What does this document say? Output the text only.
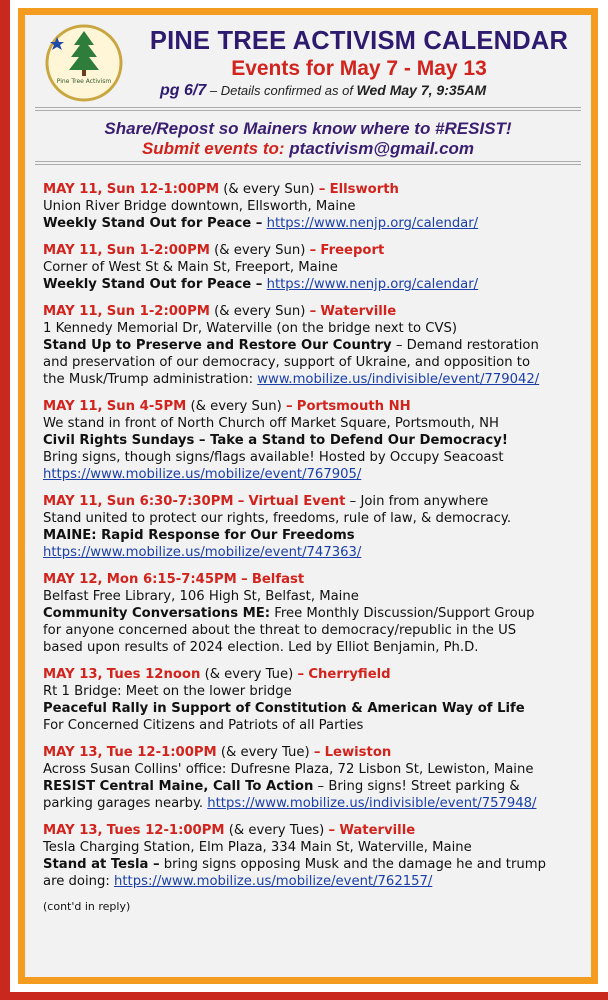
Pine Tree Activism
PINE TREE ACTIVISM CALENDAR
Events for May 7 - May 13
pg 6/7 – Details confirmed as of Wed May 7, 9:35AM
Share/Repost so Mainers know where to #RESIST!
Submit events to: ptactivism@gmail.com
MAY 11, Sun 12-1:00PM (& every Sun) – Ellsworth
Union River Bridge downtown, Ellsworth, Maine
Weekly Stand Out for Peace – https://www.nenjp.org/calendar/
MAY 11, Sun 1-2:00PM (& every Sun) – Freeport
Corner of West St & Main St, Freeport, Maine
Weekly Stand Out for Peace – https://www.nenjp.org/calendar/
MAY 11, Sun 1-2:00PM (& every Sun) – Waterville
1 Kennedy Memorial Dr, Waterville (on the bridge next to CVS)
Stand Up to Preserve and Restore Our Country – Demand restoration
and preservation of our democracy, support of Ukraine, and opposition to
the Musk/Trump administration: www.mobilize.us/indivisible/event/779042/
MAY 11, Sun 4-5PM (& every Sun) – Portsmouth NH
We stand in front of North Church off Market Square, Portsmouth, NH
Civil Rights Sundays – Take a Stand to Defend Our Democracy!
Bring signs, though signs/flags available! Hosted by Occupy Seacoast
https://www.mobilize.us/mobilize/event/767905/
MAY 11, Sun 6:30-7:30PM – Virtual Event – Join from anywhere
Stand united to protect our rights, freedoms, rule of law, & democracy.
MAINE: Rapid Response for Our Freedoms
https://www.mobilize.us/mobilize/event/747363/
MAY 12, Mon 6:15-7:45PM – Belfast
Belfast Free Library, 106 High St, Belfast, Maine
Community Conversations ME: Free Monthly Discussion/Support Group
for anyone concerned about the threat to democracy/republic in the US
based upon results of 2024 election. Led by Elliot Benjamin, Ph.D.
MAY 13, Tues 12noon (& every Tue) – Cherryfield
Rt 1 Bridge: Meet on the lower bridge
Peaceful Rally in Support of Constitution & American Way of Life
For Concerned Citizens and Patriots of all Parties
MAY 13, Tue 12-1:00PM (& every Tue) – Lewiston
Across Susan Collins' office: Dufresne Plaza, 72 Lisbon St, Lewiston, Maine
RESIST Central Maine, Call To Action – Bring signs! Street parking &
parking garages nearby. https://www.mobilize.us/indivisible/event/757948/
MAY 13, Tues 12-1:00PM (& every Tues) – Waterville
Tesla Charging Station, Elm Plaza, 334 Main St, Waterville, Maine
Stand at Tesla – bring signs opposing Musk and the damage he and trump
are doing: https://www.mobilize.us/mobilize/event/762157/
(cont'd in reply)
